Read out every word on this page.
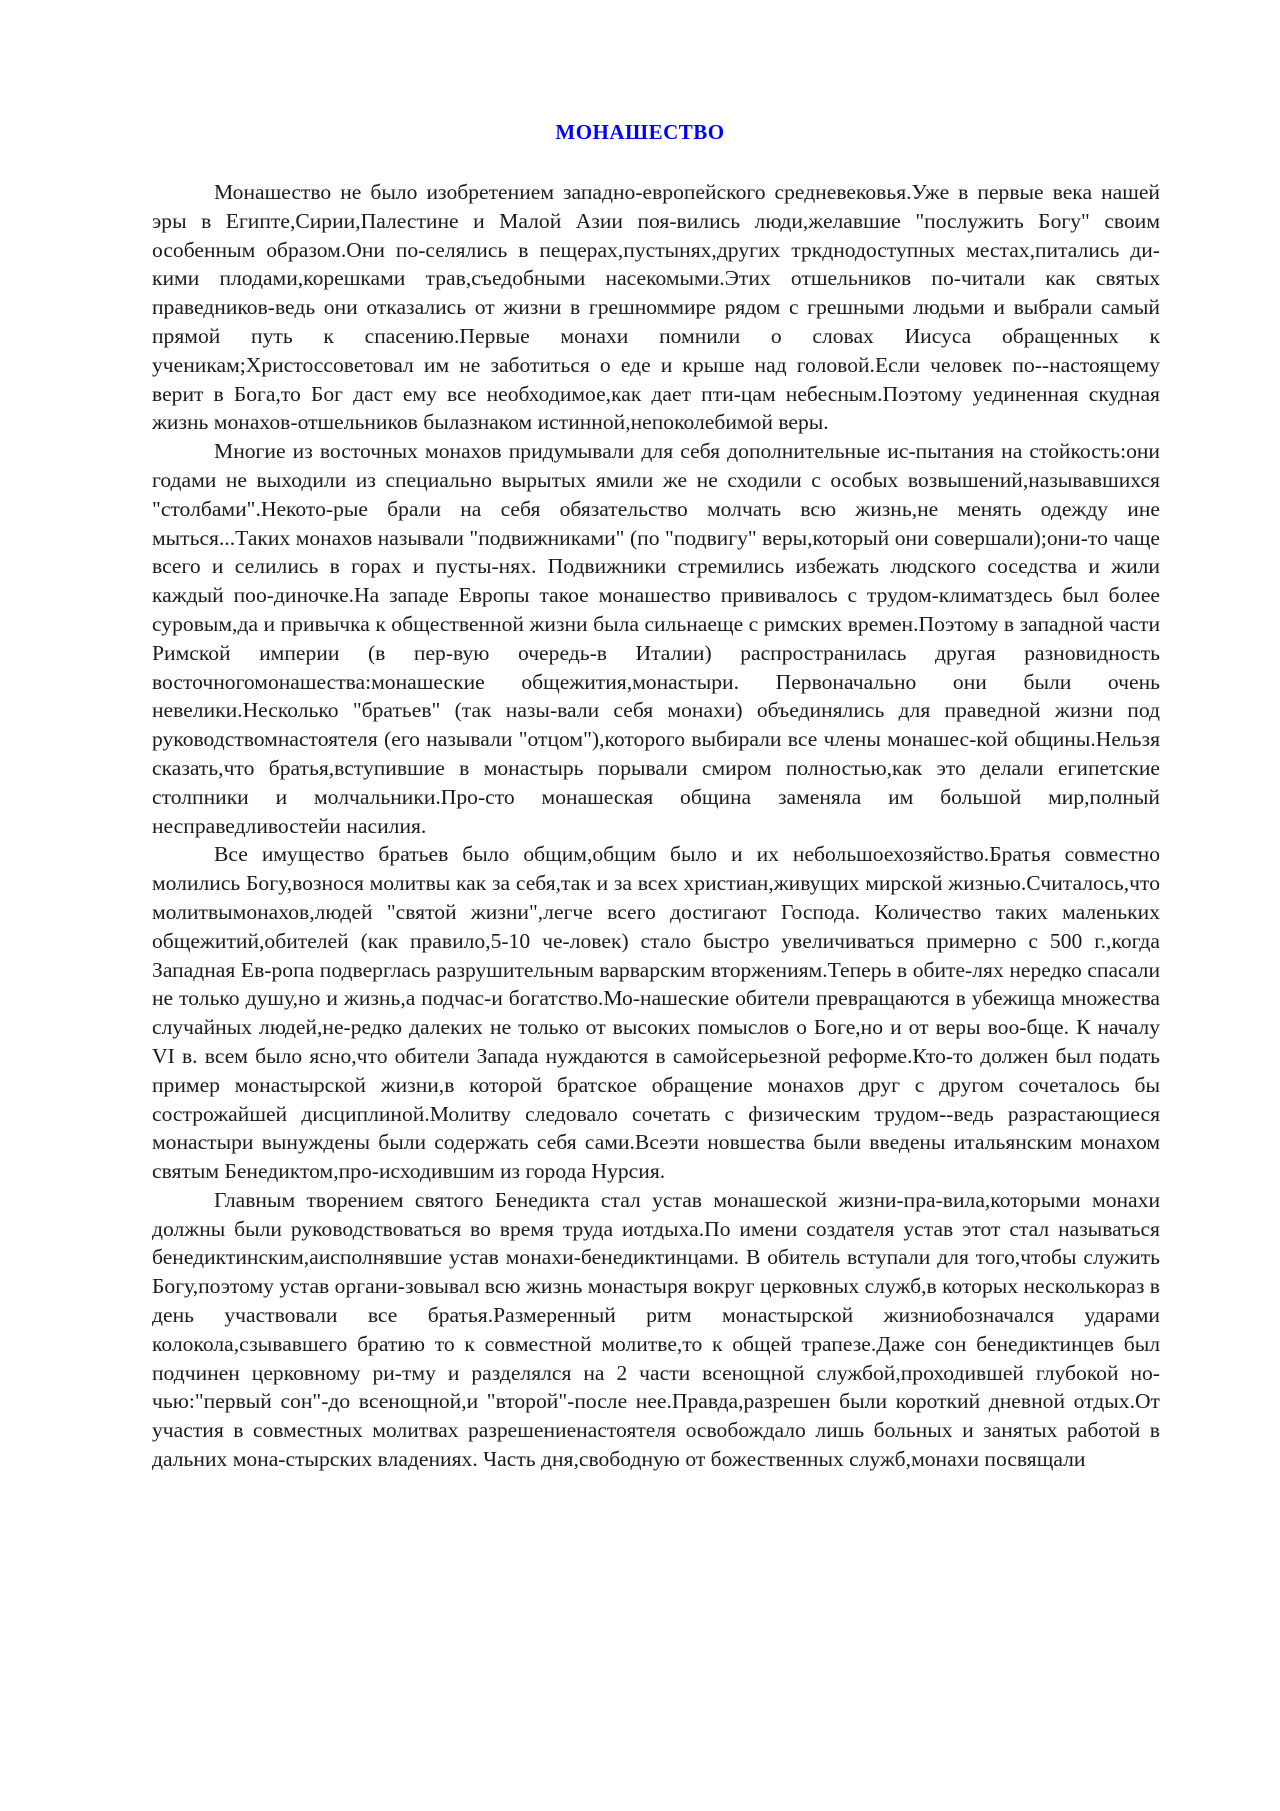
МОНАШЕСТВО

Монашество не было изобретением западно-европейского средневековья.Уже в первые века нашей эры в Египте,Сирии,Палестине и Малой Азии поя-вились люди,желавшие "послужить Богу" своим особенным образом.Они по-селялись в пещерах,пустынях,других тркднодоступных местах,питались ди-кими плодами,корешками трав,съедобными насекомыми.Этих отшельников по-читали как святых праведников-ведь они отказались от жизни в грешноммире рядом с грешными людьми и выбрали самый прямой путь к спасению.Первые монахи помнили о словах Иисуса обращенных к ученикам;Христоссоветовал им не заботиться о еде и крыше над головой.Если человек по--настоящему верит в Бога,то Бог даст ему все необходимое,как дает пти-цам небесным.Поэтому уединенная скудная жизнь монахов-отшельников былазнаком истинной,непоколебимой веры.

Многие из восточных монахов придумывали для себя дополнительные ис-пытания на стойкость:они годами не выходили из специально вырытых ямили же не сходили с особых возвышений,называвшихся "столбами".Некото-рые брали на себя обязательство молчать всю жизнь,не менять одежду ине мыться...Таких монахов называли "подвижниками" (по "подвигу" веры,который они совершали);они-то чаще всего и селились в горах и пусты-нях. Подвижники стремились избежать людского соседства и жили каждый поо-диночке.На западе Европы такое монашество прививалось с трудом-климатздесь был более суровым,да и привычка к общественной жизни была сильнаеще с римских времен.Поэтому в западной части Римской империи (в пер-вую очередь-в Италии) распространилась другая разновидность восточногомонашества:монашеские общежития,монастыри. Первоначально они были очень невелики.Несколько "братьев" (так назы-вали себя монахи) объединялись для праведной жизни под руководствомнастоятеля (его называли "отцом"),которого выбирали все члены монашес-кой общины.Нельзя сказать,что братья,вступившие в монастырь порывали смиром полностью,как это делали египетские столпники и молчальники.Про-сто монашеская община заменяла им большой мир,полный несправедливостейи насилия.

Все имущество братьев было общим,общим было и их небольшоехозяйство.Братья совместно молились Богу,вознося молитвы как за себя,так и за всех христиан,живущих мирской жизнью.Считалось,что молитвымонахов,людей "святой жизни",легче всего достигают Господа. Количество таких маленьких общежитий,обителей (как правило,5-10 че-ловек) стало быстро увеличиваться примерно с 500 г.,когда Западная Ев-ропа подверглась разрушительным варварским вторжениям.Теперь в обите-лях нередко спасали не только душу,но и жизнь,а подчас-и богатство.Мо-нашеские обители превращаются в убежища множества случайных людей,не-редко далеких не только от высоких помыслов о Боге,но и от веры воо-бще. К началу VI в. всем было ясно,что обители Запада нуждаются в самойсерьезной реформе.Кто-то должен был подать пример монастырской жизни,в которой братское обращение монахов друг с другом сочеталось бы сострожайшей дисциплиной.Молитву следовало сочетать с физическим трудом--ведь разрастающиеся монастыри вынуждены были содержать себя сами.Всеэти новшества были введены итальянским монахом святым Бенедиктом,про-исходившим из города Нурсия.

Главным творением святого Бенедикта стал устав монашеской жизни-пра-вила,которыми монахи должны были руководствоваться во время труда иотдыха.По имени создателя устав этот стал называться бенедиктинским,аисполнявшие устав монахи-бенедиктинцами. В обитель вступали для того,чтобы служить Богу,поэтому устав органи-зовывал всю жизнь монастыря вокруг церковных служб,в которых несколькораз в день участвовали все братья.Размеренный ритм монастырской жизниобозначался ударами колокола,сзывавшего братию то к совместной молитве,то к общей трапезе.Даже сон бенедиктинцев был подчинен церковному ри-тму и разделялся на 2 части всенощной службой,проходившей глубокой но-чью:"первый сон"-до всенощной,и "второй"-после нее.Правда,разрешен были короткий дневной отдых.От участия в совместных молитвах разрешениенастоятеля освобождало лишь больных и занятых работой в дальних мона-стырских владениях. Часть дня,свободную от божественных служб,монахи посвящали
